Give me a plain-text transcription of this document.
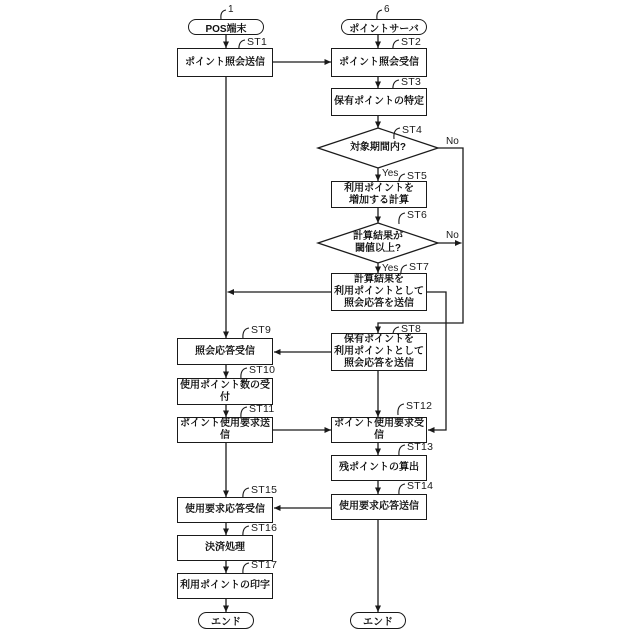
1	6
POS端末	ポイントサーバ
エンド	エンド
ポイント照会送信
照会応答受信
使用ポイント数の受付
ポイント使用要求送信
使用要求応答受信
決済処理
利用ポイントの印字
ポイント照会受信
保有ポイントの特定
利用ポイントを
増加する計算
計算結果を
利用ポイントとして
照会応答を送信
保有ポイントを
利用ポイントとして
照会応答を送信
ポイント使用要求受信
残ポイントの算出
使用要求応答送信
対象期間内?
計算結果が
閾値以上?
ST1	ST2
ST3
ST4
ST5
ST6
ST7
ST8
ST9
ST10
ST11	ST12
ST13
ST14
ST15
ST16
ST17
Yes
No
Yes
No
